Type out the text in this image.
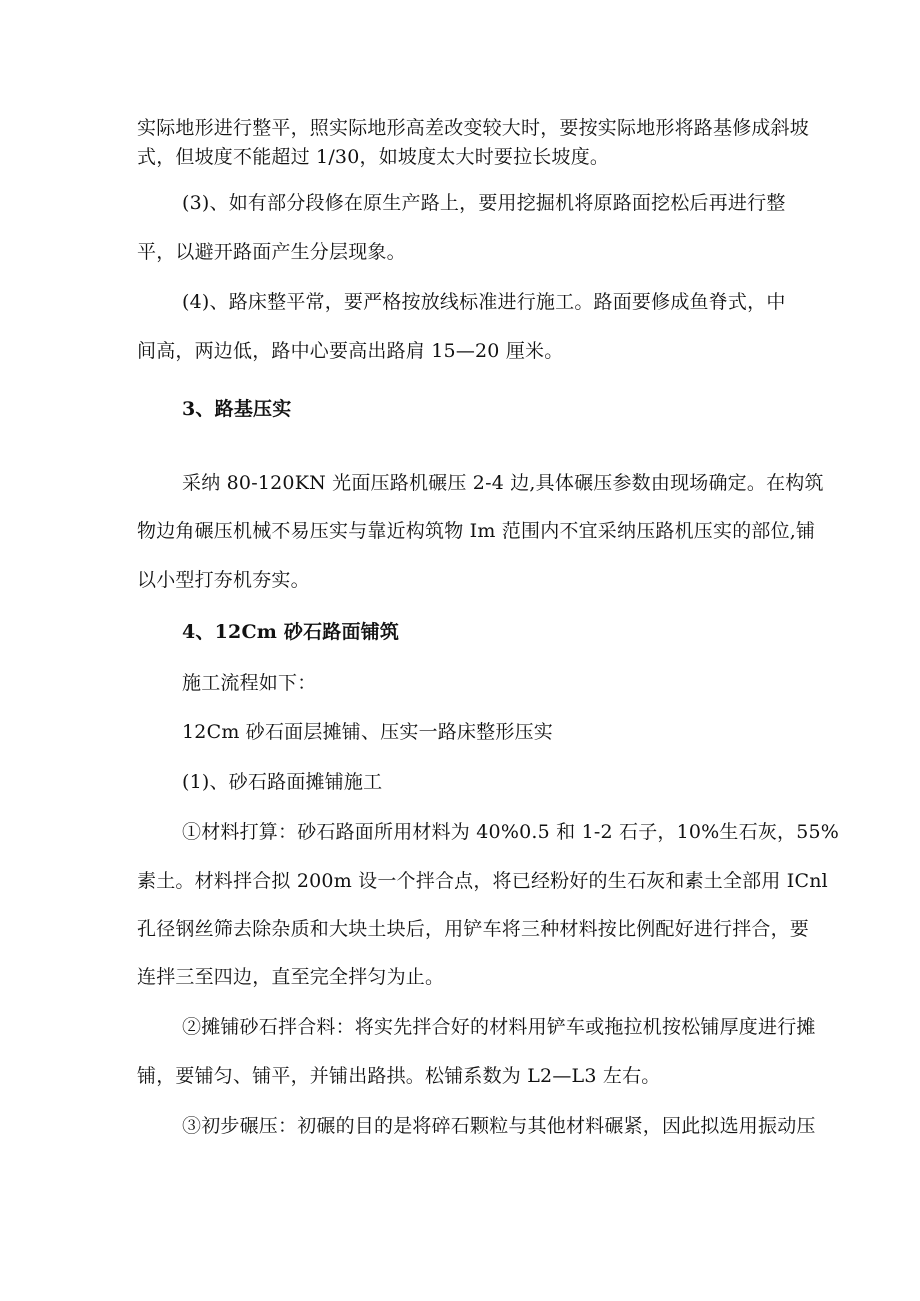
实际地形进行整平，照实际地形高差改变较大时，要按实际地形将路基修成斜坡
式，但坡度不能超过 1/30，如坡度太大时要拉长坡度。
(3)、如有部分段修在原生产路上，要用挖掘机将原路面挖松后再进行整
平，以避开路面产生分层现象。
(4)、路床整平常，要严格按放线标准进行施工。路面要修成鱼脊式，中
间高，两边低，路中心要高出路肩 15—20 厘米。
3、路基压实
采纳 80-120KN 光面压路机碾压 2-4 边,具体碾压参数由现场确定。在构筑
物边角碾压机械不易压实与靠近构筑物 Im 范围内不宜采纳压路机压实的部位,铺
以小型打夯机夯实。
4、12Cm 砂石路面铺筑
施工流程如下：
12Cm 砂石面层摊铺、压实一路床整形压实
(1)、砂石路面摊铺施工
①材料打算：砂石路面所用材料为 40%0.5 和 1-2 石子，10%生石灰，55%
素土。材料拌合拟 200m 设一个拌合点，将已经粉好的生石灰和素土全部用 ICnl
孔径钢丝筛去除杂质和大块土块后，用铲车将三种材料按比例配好进行拌合，要
连拌三至四边，直至完全拌匀为止。
②摊铺砂石拌合料：将实先拌合好的材料用铲车或拖拉机按松铺厚度进行摊
铺，要铺匀、铺平，并铺出路拱。松铺系数为 L2—L3 左右。
③初步碾压：初碾的目的是将碎石颗粒与其他材料碾紧，因此拟选用振动压
